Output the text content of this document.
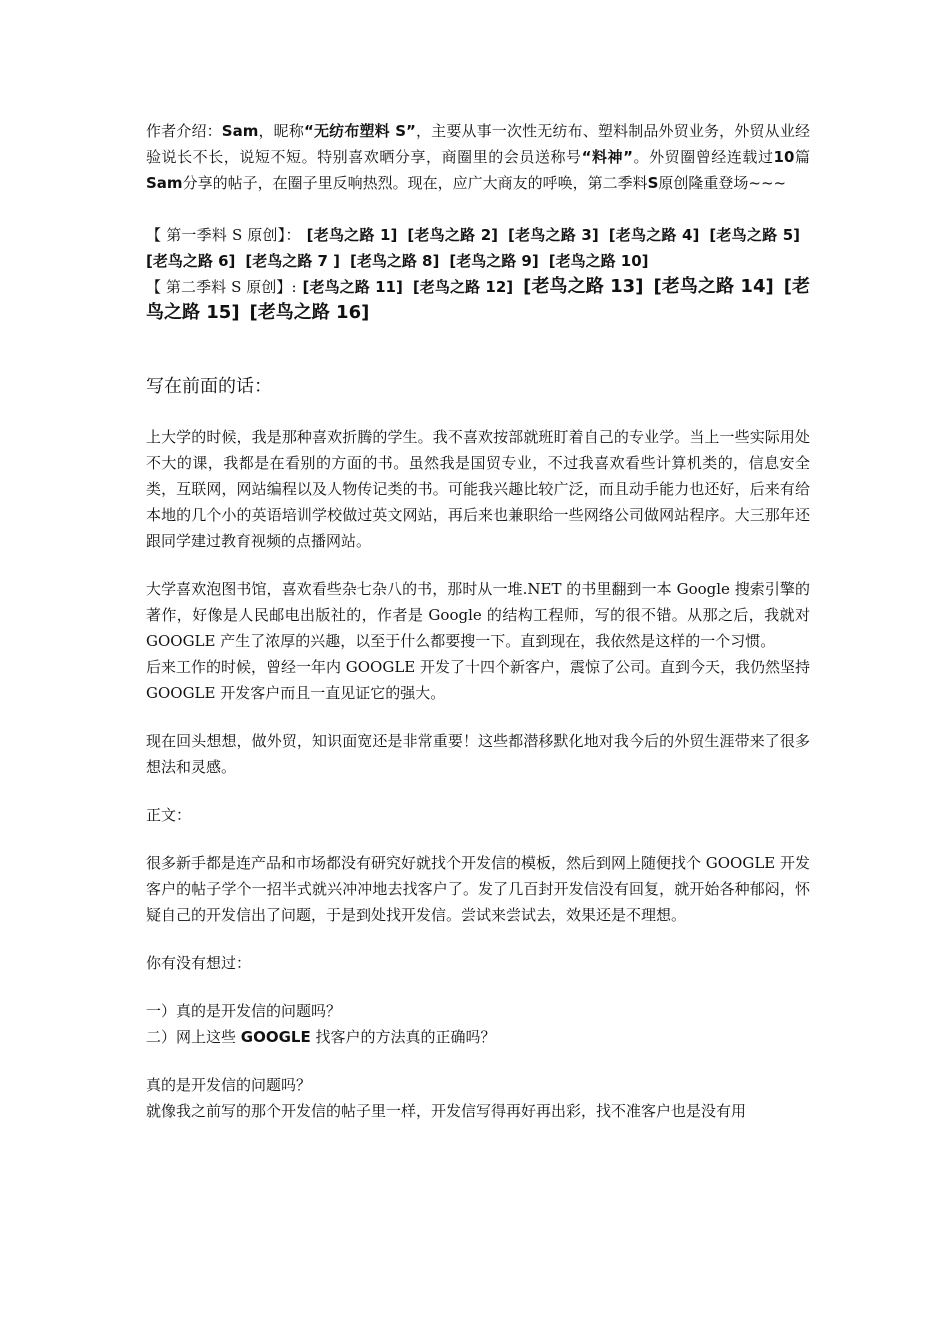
作者介绍：Sam，昵称“无纺布塑料 S”，主要从事一次性无纺布、塑料制品外贸业务，外贸从业经验说长不长，说短不短。特别喜欢晒分享，商圈里的会员送称号“料神”。外贸圈曾经连载过10篇Sam分享的帖子，在圈子里反响热烈。现在，应广大商友的呼唤，第二季料S原创隆重登场~~~

【 第一季料 S 原创】： [老鸟之路 1] [老鸟之路 2] [老鸟之路 3] [老鸟之路 4] [老鸟之路 5][老鸟之路 6] [老鸟之路 7 ] [老鸟之路 8] [老鸟之路 9] [老鸟之路 10]

【 第二季料 S 原创】: [老鸟之路 11] [老鸟之路 12] [老鸟之路 13] [老鸟之路 14] [老鸟之路 15] [老鸟之路 16]

写在前面的话：

上大学的时候，我是那种喜欢折腾的学生。我不喜欢按部就班盯着自己的专业学。当上一些实际用处不大的课，我都是在看别的方面的书。虽然我是国贸专业，不过我喜欢看些计算机类的，信息安全类，互联网，网站编程以及人物传记类的书。可能我兴趣比较广泛，而且动手能力也还好，后来有给本地的几个小的英语培训学校做过英文网站，再后来也兼职给一些网络公司做网站程序。大三那年还跟同学建过教育视频的点播网站。

大学喜欢泡图书馆，喜欢看些杂七杂八的书，那时从一堆.NET 的书里翻到一本 Google 搜索引擎的著作，好像是人民邮电出版社的，作者是 Google 的结构工程师，写的很不错。从那之后，我就对 GOOGLE 产生了浓厚的兴趣，以至于什么都要搜一下。直到现在，我依然是这样的一个习惯。

后来工作的时候，曾经一年内 GOOGLE 开发了十四个新客户，震惊了公司。直到今天，我仍然坚持 GOOGLE 开发客户而且一直见证它的强大。

现在回头想想，做外贸，知识面宽还是非常重要！这些都潜移默化地对我今后的外贸生涯带来了很多想法和灵感。

正文：

很多新手都是连产品和市场都没有研究好就找个开发信的模板，然后到网上随便找个 GOOGLE 开发客户的帖子学个一招半式就兴冲冲地去找客户了。发了几百封开发信没有回复，就开始各种郁闷，怀疑自己的开发信出了问题，于是到处找开发信。尝试来尝试去，效果还是不理想。

你有没有想过：

一）真的是开发信的问题吗？

二）网上这些 GOOGLE 找客户的方法真的正确吗？

真的是开发信的问题吗？

就像我之前写的那个开发信的帖子里一样，开发信写得再好再出彩，找不准客户也是没有用
